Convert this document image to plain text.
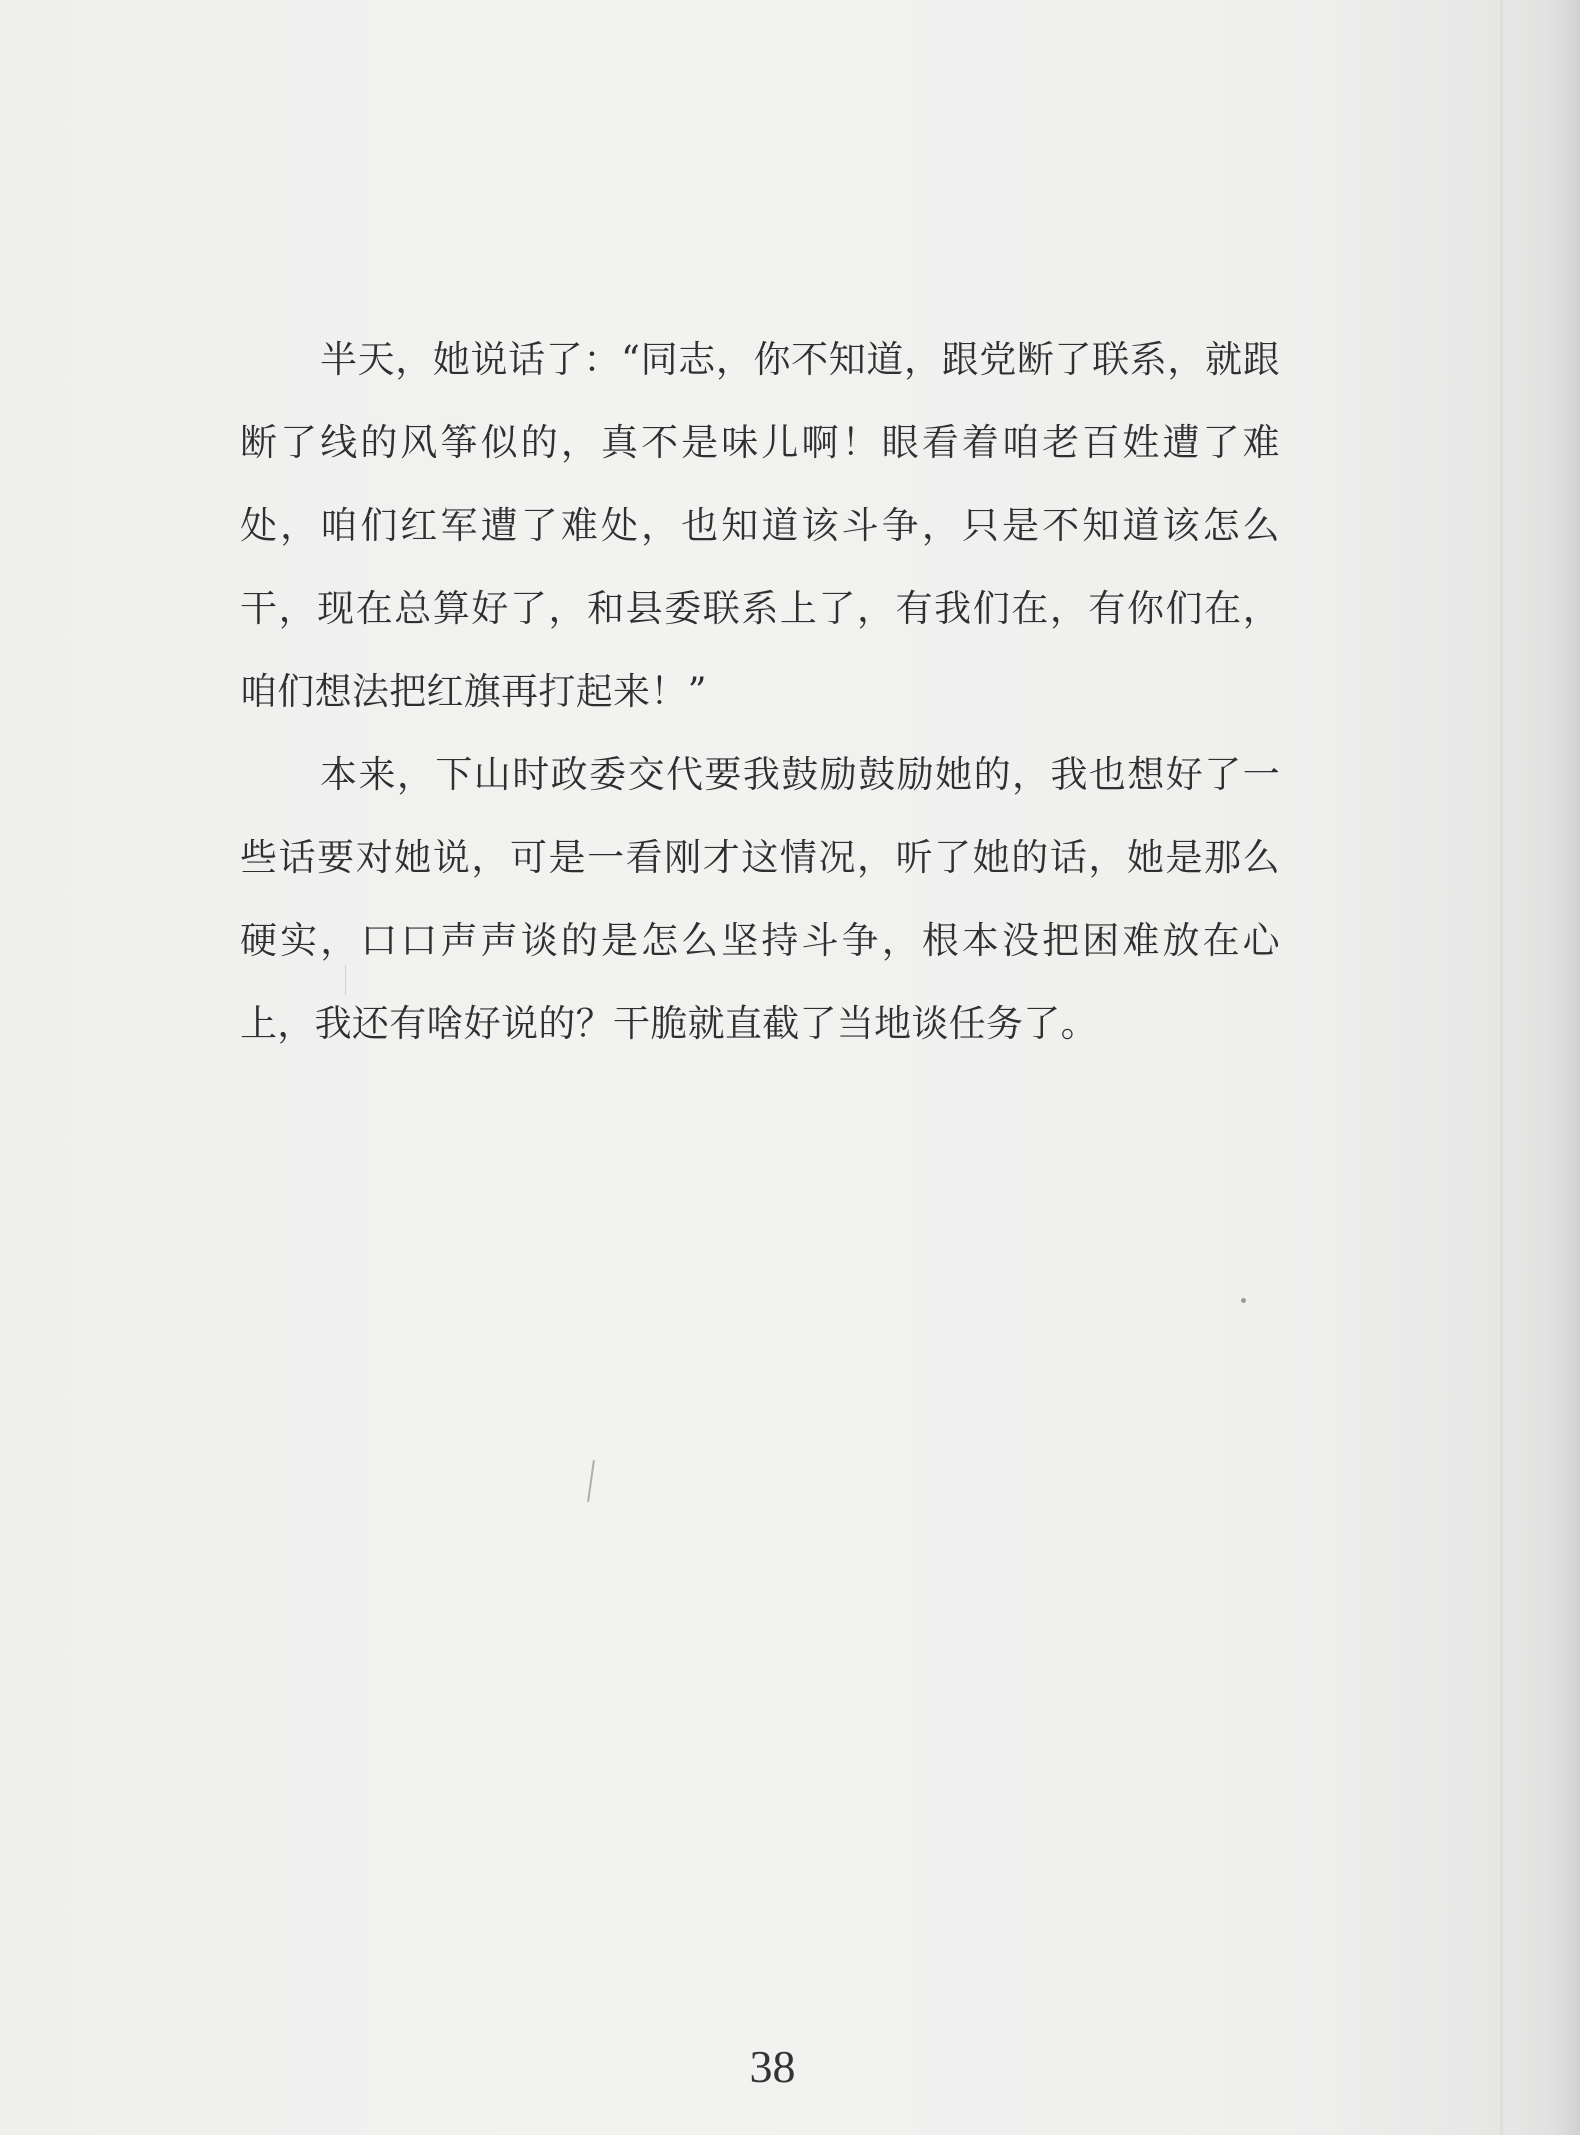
半天，她说话了：“同志，你不知道，跟党断了联系，就跟断了线的风筝似的，真不是味儿啊！眼看着咱老百姓遭了难处，咱们红军遭了难处，也知道该斗争，只是不知道该怎么干，现在总算好了，和县委联系上了，有我们在，有你们在，咱们想法把红旗再打起来！”

本来，下山时政委交代要我鼓励鼓励她的，我也想好了一些话要对她说，可是一看刚才这情况，听了她的话，她是那么硬实，口口声声谈的是怎么坚持斗争，根本没把困难放在心上，我还有啥好说的？干脆就直截了当地谈任务了。

38
